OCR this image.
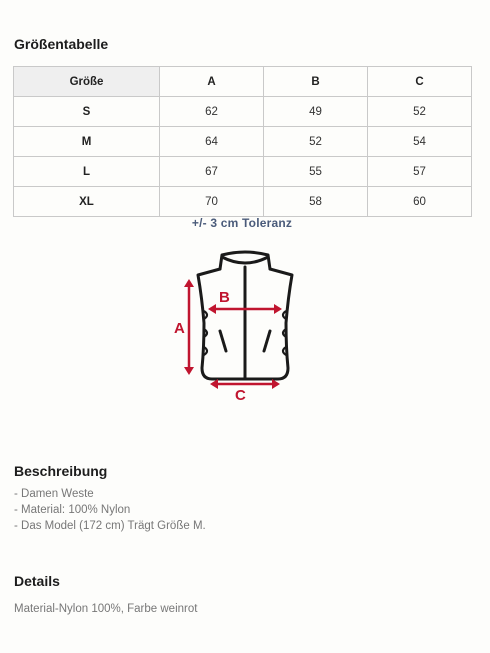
Größentabelle
Größe	A	B	C
S	62	49	52
M	64	52	54
L	67	55	57
XL	70	58	60
+/- 3 cm Toleranz
A
B
C
Beschreibung
- Damen Weste
- Material: 100% Nylon
- Das Model (172 cm) Trägt Größe M.
Details

Material-Nylon 100%, Farbe weinrot
